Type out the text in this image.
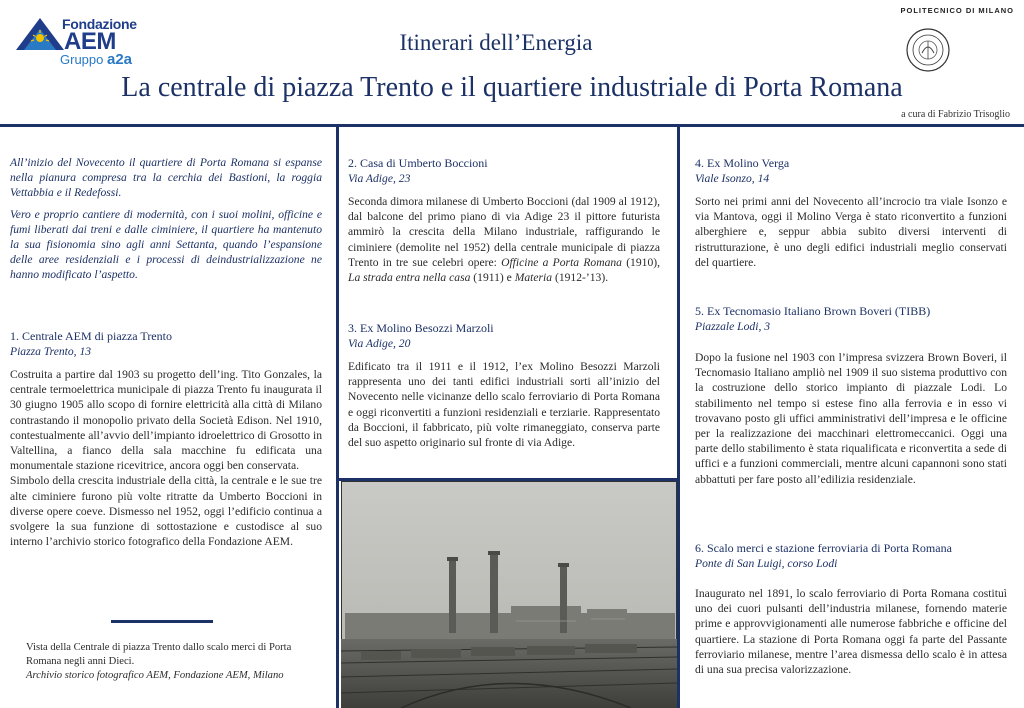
Fondazione
AEM
Gruppo a2a
POLITECNICO DI MILANO
Itinerari dell’Energia
La centrale di piazza Trento e il quartiere industriale di Porta Romana
a cura di Fabrizio Trisoglio

All’inizio del Novecento il quartiere di Porta Romana si espanse nella pianura compresa tra la cerchia dei Bastioni, la roggia Vettabbia e il Redefossi.

Vero e proprio cantiere di modernità, con i suoi molini, officine e fumi liberati dai treni e dalle ciminiere, il quartiere ha mantenuto la sua fisionomia sino agli anni Settanta, quando l’espansione delle aree residenziali e i processi di deindustrializzazione ne hanno modificato l’aspetto.

1. Centrale AEM di piazza Trento
Piazza Trento, 13
Costruita a partire dal 1903 su progetto dell’ing. Tito Gonzales, la centrale termoelettrica municipale di piazza Trento fu inaugurata il 30 giugno 1905 allo scopo di fornire elettricità alla città di Milano contrastando il monopolio privato della Società Edison. Nel 1910, contestualmente all’avvio dell’impianto idroelettrico di Grosotto in Valtellina, a fianco della sala macchine fu edificata una monumentale stazione ricevitrice, ancora oggi ben conservata.
Simbolo della crescita industriale della città, la centrale e le sue tre alte ciminiere furono più volte ritratte da Umberto Boccioni in diverse opere coeve. Dismesso nel 1952, oggi l’edificio continua a svolgere la sua funzione di sottostazione e custodisce al suo interno l’archivio storico fotografico della Fondazione AEM.
Vista della Centrale di piazza Trento dallo scalo merci di Porta Romana negli anni Dieci.
Archivio storico fotografico AEM, Fondazione AEM, Milano
2. Casa di Umberto Boccioni
Via Adige, 23
Seconda dimora milanese di Umberto Boccioni (dal 1909 al 1912), dal balcone del primo piano di via Adige 23 il pittore futurista ammirò la crescita della Milano industriale, raffigurando le ciminiere (demolite nel 1952) della centrale municipale di piazza Trento in tre sue celebri opere: Officine a Porta Romana (1910), La strada entra nella casa (1911) e Materia (1912-’13).
3. Ex Molino Besozzi Marzoli
Via Adige, 20
Edificato tra il 1911 e il 1912, l’ex Molino Besozzi Marzoli rappresenta uno dei tanti edifici industriali sorti all’inizio del Novecento nelle vicinanze dello scalo ferroviario di Porta Romana e oggi riconvertiti a funzioni residenziali e terziarie. Rappresentato da Boccioni, il fabbricato, più volte rimaneggiato, conserva parte del suo aspetto originario sul fronte di via Adige.
4. Ex Molino Verga
Viale Isonzo, 14
Sorto nei primi anni del Novecento all’incrocio tra viale Isonzo e via Mantova, oggi il Molino Verga è stato riconvertito a funzioni alberghiere e, seppur abbia subito diversi interventi di ristrutturazione, è uno degli edifici industriali meglio conservati del quartiere.
5. Ex Tecnomasio Italiano Brown Boveri (TIBB)
Piazzale Lodi, 3
Dopo la fusione nel 1903 con l’impresa svizzera Brown Boveri, il Tecnomasio Italiano ampliò nel 1909 il suo sistema produttivo con la costruzione dello storico impianto di piazzale Lodi. Lo stabilimento nel tempo si estese fino alla ferrovia e in esso vi trovavano posto gli uffici amministrativi dell’impresa e le officine per la realizzazione dei macchinari elettromeccanici. Oggi una parte dello stabilimento è stata riqualificata e riconvertita a sede di uffici e a funzioni commerciali, mentre alcuni capannoni sono stati abbattuti per fare posto all’edilizia residenziale.
6. Scalo merci e stazione ferroviaria di Porta Romana
Ponte di San Luigi, corso Lodi
Inaugurato nel 1891, lo scalo ferroviario di Porta Romana costituì uno dei cuori pulsanti dell’industria milanese, fornendo materie prime e approvvigionamenti alle numerose fabbriche e officine del quartiere. La stazione di Porta Romana oggi fa parte del Passante ferroviario milanese, mentre l’area dismessa dello scalo è in attesa di una sua precisa valorizzazione.
